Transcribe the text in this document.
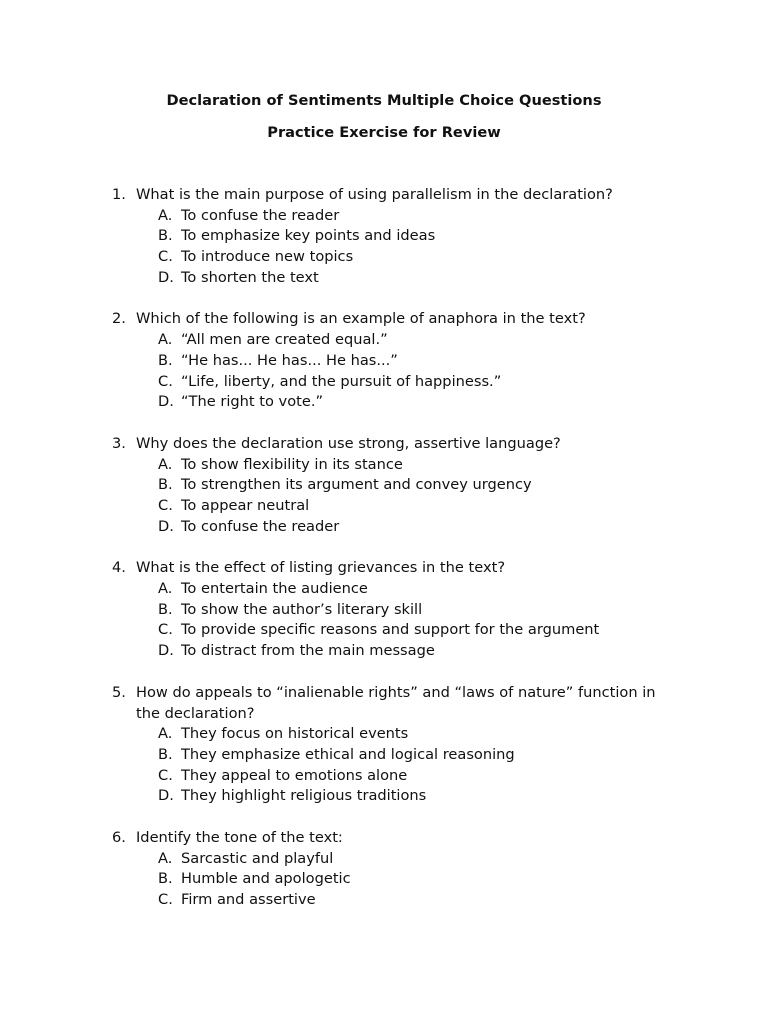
Declaration of Sentiments Multiple Choice Questions
Practice Exercise for Review
1. What is the main purpose of using parallelism in the declaration?
A. To confuse the reader
B. To emphasize key points and ideas
C. To introduce new topics
D. To shorten the text
2. Which of the following is an example of anaphora in the text?
A. “All men are created equal.”
B. “He has... He has... He has...”
C. “Life, liberty, and the pursuit of happiness.”
D. “The right to vote.”
3. Why does the declaration use strong, assertive language?
A. To show flexibility in its stance
B. To strengthen its argument and convey urgency
C. To appear neutral
D. To confuse the reader
4. What is the effect of listing grievances in the text?
A. To entertain the audience
B. To show the author’s literary skill
C. To provide specific reasons and support for the argument
D. To distract from the main message
5. How do appeals to “inalienable rights” and “laws of nature” function in the declaration?
A. They focus on historical events
B. They emphasize ethical and logical reasoning
C. They appeal to emotions alone
D. They highlight religious traditions
6. Identify the tone of the text:
A. Sarcastic and playful
B. Humble and apologetic
C. Firm and assertive
